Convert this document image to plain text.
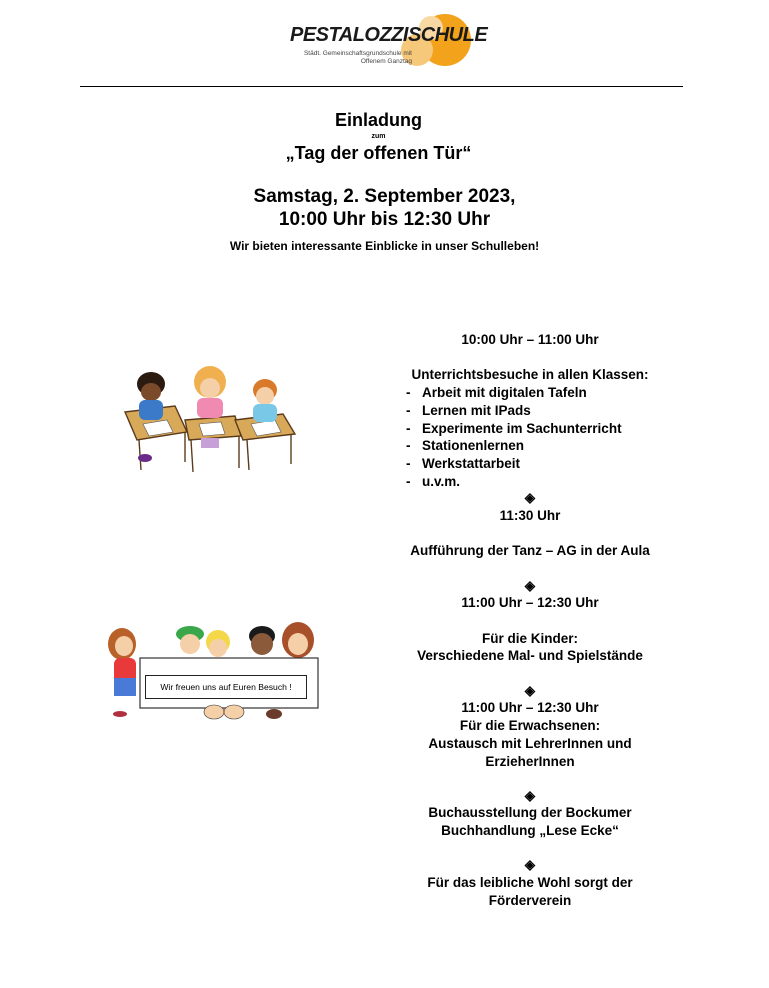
PESTALOZZISCHULE
Städt. Gemeinschaftsgrundschule mit
Offenem Ganztag
Einladung
zum
„Tag der offenen Tür“
Samstag, 2. September 2023,
10:00 Uhr bis 12:30 Uhr
Wir bieten interessante Einblicke in unser Schulleben!
10:00 Uhr – 11:00 Uhr
Unterrichtsbesuche in allen Klassen:
- Arbeit mit digitalen Tafeln
- Lernen mit IPads
- Experimente im Sachunterricht
- Stationenlernen
- Werkstattarbeit
- u.v.m.
◈
11:30 Uhr
Aufführung der Tanz – AG in der Aula
◈
11:00 Uhr – 12:30 Uhr
Für die Kinder:
Verschiedene Mal- und Spielstände
◈
11:00 Uhr – 12:30 Uhr
Für die Erwachsenen:
Austausch mit LehrerInnen und
ErzieherInnen
◈
Buchausstellung der Bockumer
Buchhandlung „Lese Ecke“
◈
Für das leibliche Wohl sorgt der
Förderverein
Wir freuen uns auf Euren Besuch !
